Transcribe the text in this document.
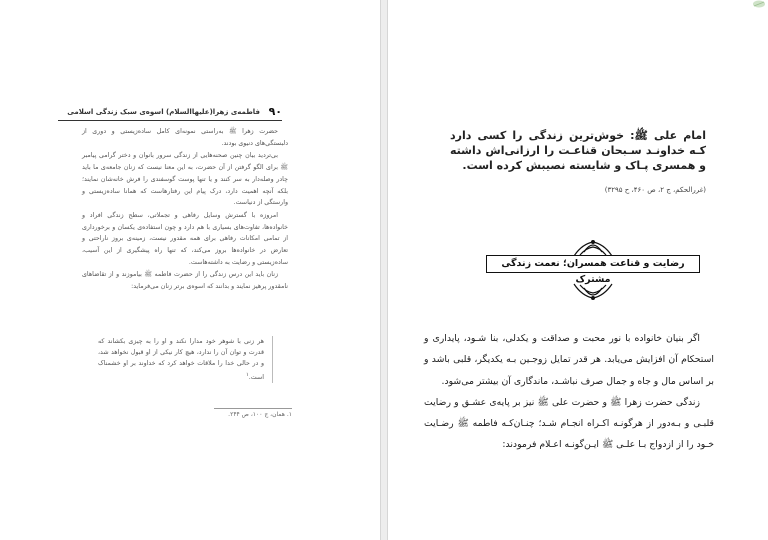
فاطمه‌ی زهرا(علیهاالسلام) اسوه‌ی سبک زندگی اسلامی ۹۰

حضرت زهرا ﷺ به‌راستی نمونه‌ای کامل ساده‌زیستی و دوری از دلبستگی‌های دنیوی بودند.

بی‌تردید بیان چنین صحنه‌هایی از زندگی سرور بانوان و دختر گرامی پیامبر ﷺ برای الگو گرفتن از آن حضرت، به این معنا نیست که زنان جامعه‌ی ما باید چادر وصله‌دار به سر کنند و یا تنها پوست گوسفندی را فرش خانه‌شان نمایند؛ بلکه آنچه اهمیت دارد، درک پیام این رفتارهاست که همانا ساده‌زیستی و وارستگی از دنیاست.

امروزه با گسترش وسایل رفاهی و تجملاتی، سطح زندگی افراد و خانواده‌ها، تفاوت‌های بسیاری با هم دارد و چون استفاده‌ی یکسان و برخورداری از تمامی امکانات رفاهی برای همه مقدور نیست، زمینه‌ی بروز ناراحتی و تعارض در خانواده‌ها بروز می‌کند، که تنها راه پیشگیری از این آسیب، ساده‌زیستی و رضایت به داشته‌هاست.

زنان باید این درس زندگی را از حضرت فاطمه ﷺ بیاموزند و از تقاضاهای نامقدور پرهیز نمایند و بدانند که اسوه‌ی برتر زنان می‌فرماید:

هر زنی با شوهر خود مدارا نکند و او را به چیزی بکشاند که قدرت و توان آن را ندارد، هیچ کار نیکی از او قبول نخواهد شد، و در حالی خدا را ملاقات خواهد کرد که خداوند بر او خشمناک است.$^۱$
۱. همان، ج ۱۰۰، ص ۲۴۴.
امام علی ﷺ: خوش‌ترین زندگی را کسی دارد کـه خداونـد سـبحان قناعـت را ارزانی‌اش داشته و همسری پـاک و شایسته نصیبش کرده است.
(غررالحکم، ج ۲، ص ۴۶۰، ح ۳۲۹۵)
رضایت و قناعت همسران؛ نعمت زندگی مشترک

اگر بنیان خانواده با نور محبت و صداقت و یکدلی، بنا شـود، پایداری و استحکام آن افزایش می‌یابد. هر قدر تمایل زوجـین بـه یکدیگر، قلبی باشد و بر اساس مال و جاه و جمال صرف نباشـد، ماندگاری آن بیشتر می‌شود.

زندگی حضرت زهرا ﷺ و حضرت علی ﷺ نیز بر پایه‌ی عشـق و رضایت قلبـی و بـه‌دور از هرگونـه اکـراه انجـام شـد؛ چنـان‌کـه فاطمه ﷺ رضـایت خـود را از ازدواج بـا علـی ﷺ ایـن‌گونـه اعـلام فرمودند:
